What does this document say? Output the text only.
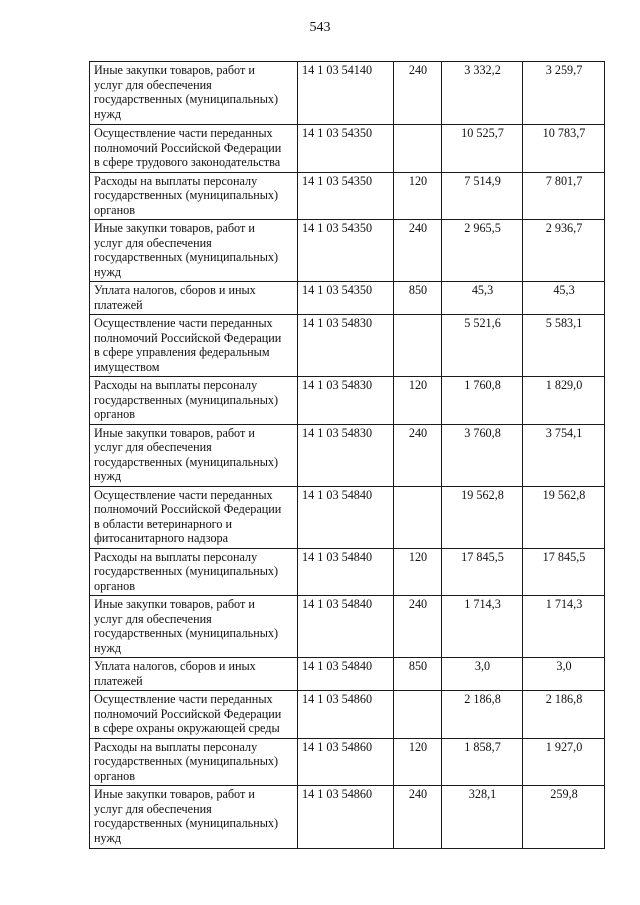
543
Иные закупки товаров, работ и
услуг для обеспечения
государственных (муниципальных)
нужд	14 1 03 54140	240	3 332,2	3 259,7
Осуществление части переданных
полномочий Российской Федерации
в сфере трудового законодательства	14 1 03 54350		10 525,7	10 783,7
Расходы на выплаты персоналу
государственных (муниципальных)
органов	14 1 03 54350	120	7 514,9	7 801,7
Иные закупки товаров, работ и
услуг для обеспечения
государственных (муниципальных)
нужд	14 1 03 54350	240	2 965,5	2 936,7
Уплата налогов, сборов и иных
платежей	14 1 03 54350	850	45,3	45,3
Осуществление части переданных
полномочий Российской Федерации
в сфере управления федеральным
имуществом	14 1 03 54830		5 521,6	5 583,1
Расходы на выплаты персоналу
государственных (муниципальных)
органов	14 1 03 54830	120	1 760,8	1 829,0
Иные закупки товаров, работ и
услуг для обеспечения
государственных (муниципальных)
нужд	14 1 03 54830	240	3 760,8	3 754,1
Осуществление части переданных
полномочий Российской Федерации
в области ветеринарного и
фитосанитарного надзора	14 1 03 54840		19 562,8	19 562,8
Расходы на выплаты персоналу
государственных (муниципальных)
органов	14 1 03 54840	120	17 845,5	17 845,5
Иные закупки товаров, работ и
услуг для обеспечения
государственных (муниципальных)
нужд	14 1 03 54840	240	1 714,3	1 714,3
Уплата налогов, сборов и иных
платежей	14 1 03 54840	850	3,0	3,0
Осуществление части переданных
полномочий Российской Федерации
в сфере охраны окружающей среды	14 1 03 54860		2 186,8	2 186,8
Расходы на выплаты персоналу
государственных (муниципальных)
органов	14 1 03 54860	120	1 858,7	1 927,0
Иные закупки товаров, работ и
услуг для обеспечения
государственных (муниципальных)
нужд	14 1 03 54860	240	328,1	259,8
